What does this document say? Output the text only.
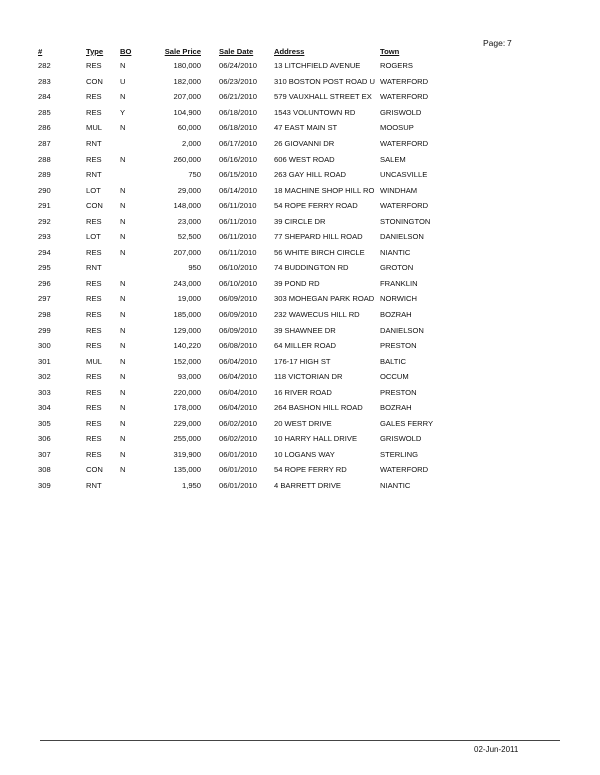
Page: 7
#	Type	BO	Sale Price		Sale Date	Address	Town
282	RES	N	180,000		06/24/2010	13 LITCHFIELD AVENUE	ROGERS
283	CON	U	182,000		06/23/2010	310 BOSTON POST ROAD U	WATERFORD
284	RES	N	207,000		06/21/2010	579 VAUXHALL STREET EX	WATERFORD
285	RES	Y	104,900		06/18/2010	1543 VOLUNTOWN RD	GRISWOLD
286	MUL	N	60,000		06/18/2010	47 EAST MAIN ST	MOOSUP
287	RNT		2,000		06/17/2010	26 GIOVANNI DR	WATERFORD
288	RES	N	260,000		06/16/2010	606 WEST ROAD	SALEM
289	RNT		750		06/15/2010	263 GAY HILL ROAD	UNCASVILLE
290	LOT	N	29,000		06/14/2010	18 MACHINE SHOP HILL RO	WINDHAM
291	CON	N	148,000		06/11/2010	54 ROPE FERRY ROAD	WATERFORD
292	RES	N	23,000		06/11/2010	39 CIRCLE DR	STONINGTON
293	LOT	N	52,500		06/11/2010	77 SHEPARD HILL ROAD	DANIELSON
294	RES	N	207,000		06/11/2010	56 WHITE BIRCH CIRCLE	NIANTIC
295	RNT		950		06/10/2010	74 BUDDINGTON RD	GROTON
296	RES	N	243,000		06/10/2010	39 POND RD	FRANKLIN
297	RES	N	19,000		06/09/2010	303 MOHEGAN PARK ROAD	NORWICH
298	RES	N	185,000		06/09/2010	232 WAWECUS HILL RD	BOZRAH
299	RES	N	129,000		06/09/2010	39 SHAWNEE DR	DANIELSON
300	RES	N	140,220		06/08/2010	64 MILLER ROAD	PRESTON
301	MUL	N	152,000		06/04/2010	176-17 HIGH ST	BALTIC
302	RES	N	93,000		06/04/2010	118 VICTORIAN DR	OCCUM
303	RES	N	220,000		06/04/2010	16 RIVER ROAD	PRESTON
304	RES	N	178,000		06/04/2010	264 BASHON HILL ROAD	BOZRAH
305	RES	N	229,000		06/02/2010	20 WEST DRIVE	GALES FERRY
306	RES	N	255,000		06/02/2010	10 HARRY HALL DRIVE	GRISWOLD
307	RES	N	319,900		06/01/2010	10 LOGANS WAY	STERLING
308	CON	N	135,000		06/01/2010	54 ROPE FERRY RD	WATERFORD
309	RNT		1,950		06/01/2010	4 BARRETT DRIVE	NIANTIC
02-Jun-2011
